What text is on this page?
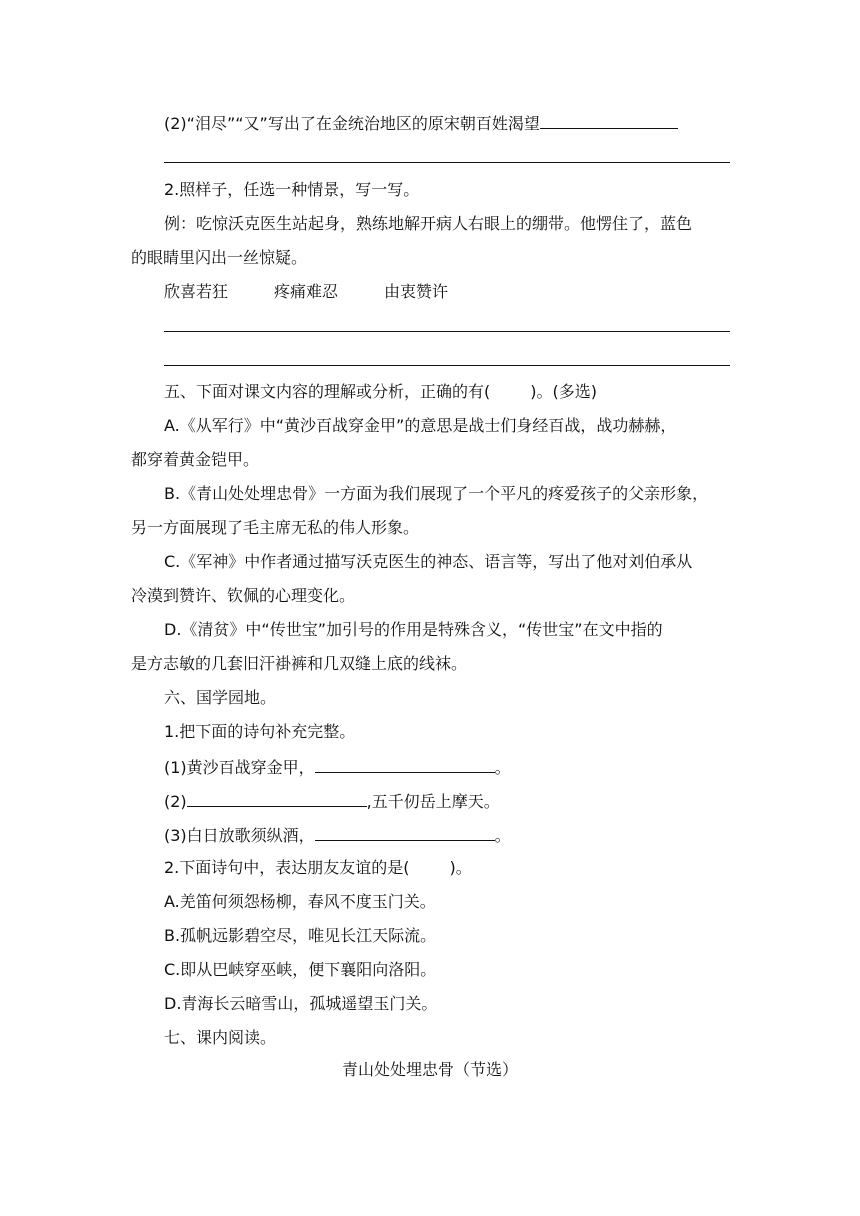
(2)“泪尽”“又”写出了在金统治地区的原宋朝百姓渴望
2.照样子，任选一种情景，写一写。
例：吃惊沃克医生站起身，熟练地解开病人右眼上的绷带。他愣住了，蓝色
的眼睛里闪出一丝惊疑。
欣喜若狂	疼痛难忍	由衷赞许
五、下面对课文内容的理解或分析，正确的有(	)。(多选)
A.《从军行》中“黄沙百战穿金甲”的意思是战士们身经百战，战功赫赫，
都穿着黄金铠甲。
B.《青山处处埋忠骨》一方面为我们展现了一个平凡的疼爱孩子的父亲形象，
另一方面展现了毛主席无私的伟人形象。
C.《军神》中作者通过描写沃克医生的神态、语言等，写出了他对刘伯承从
冷漠到赞许、钦佩的心理变化。
D.《清贫》中“传世宝”加引号的作用是特殊含义，“传世宝”在文中指的
是方志敏的几套旧汗褂裤和几双缝上底的线袜。
六、国学园地。
1.把下面的诗句补充完整。
(1)黄沙百战穿金甲，	。
(2)	,五千仞岳上摩天。
(3)白日放歌须纵酒，	。
2.下面诗句中，表达朋友友谊的是(	)。
A.羌笛何须怨杨柳，春风不度玉门关。
B.孤帆远影碧空尽，唯见长江天际流。
C.即从巴峡穿巫峡，便下襄阳向洛阳。
D.青海长云暗雪山，孤城遥望玉门关。
七、课内阅读。
青山处处埋忠骨（节选）
